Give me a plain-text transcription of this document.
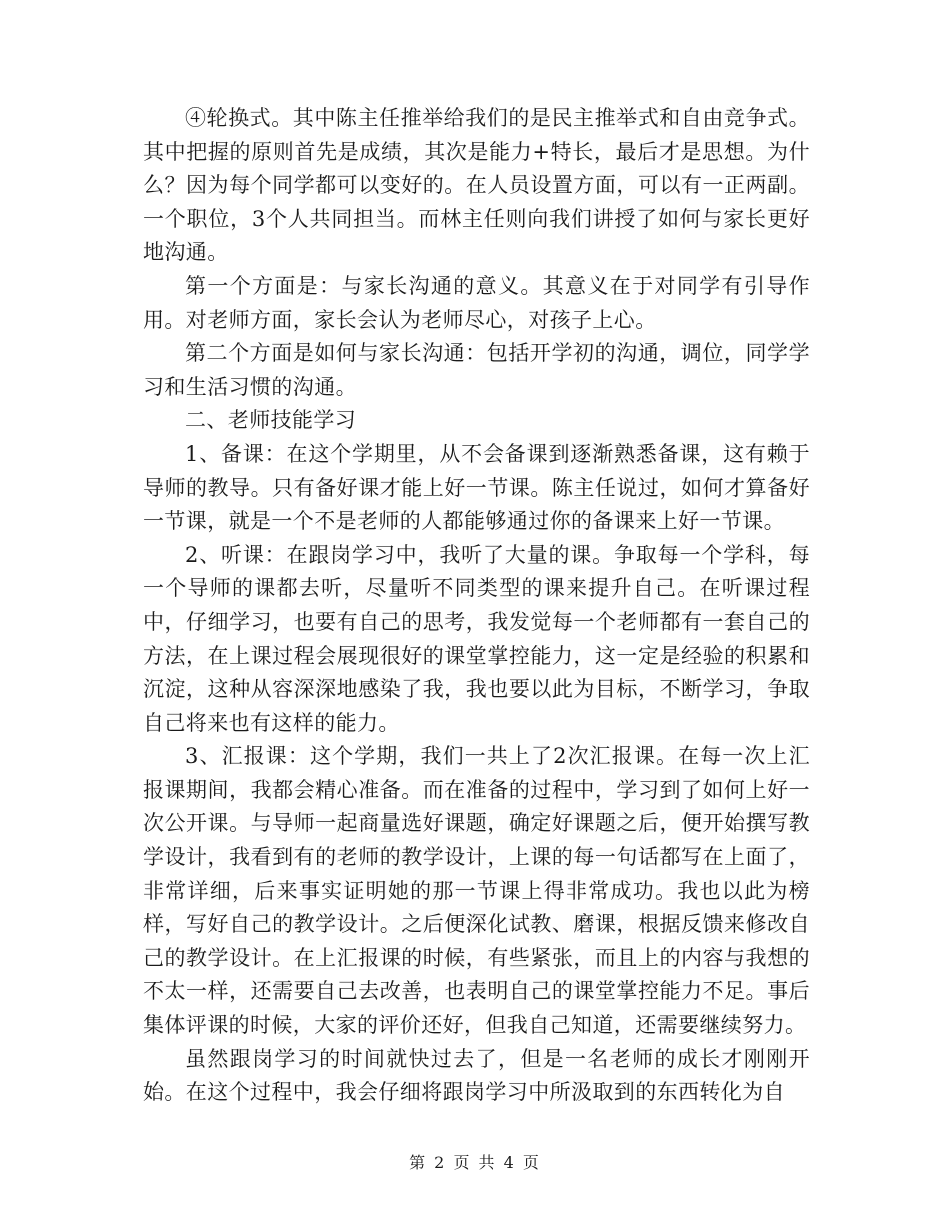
④轮换式。其中陈主任推举给我们的是民主推举式和自由竞争式。其中把握的原则首先是成绩，其次是能力+特长，最后才是思想。为什么？因为每个同学都可以变好的。在人员设置方面，可以有一正两副。一个职位，3个人共同担当。而林主任则向我们讲授了如何与家长更好地沟通。

第一个方面是：与家长沟通的意义。其意义在于对同学有引导作用。对老师方面，家长会认为老师尽心，对孩子上心。

第二个方面是如何与家长沟通：包括开学初的沟通，调位，同学学习和生活习惯的沟通。

二、老师技能学习

1、备课：在这个学期里，从不会备课到逐渐熟悉备课，这有赖于导师的教导。只有备好课才能上好一节课。陈主任说过，如何才算备好一节课，就是一个不是老师的人都能够通过你的备课来上好一节课。

2、听课：在跟岗学习中，我听了大量的课。争取每一个学科，每一个导师的课都去听，尽量听不同类型的课来提升自己。在听课过程中，仔细学习，也要有自己的思考，我发觉每一个老师都有一套自己的方法，在上课过程会展现很好的课堂掌控能力，这一定是经验的积累和沉淀，这种从容深深地感染了我，我也要以此为目标，不断学习，争取自己将来也有这样的能力。

3、汇报课：这个学期，我们一共上了2次汇报课。在每一次上汇报课期间，我都会精心准备。而在准备的过程中，学习到了如何上好一次公开课。与导师一起商量选好课题，确定好课题之后，便开始撰写教学设计，我看到有的老师的教学设计，上课的每一句话都写在上面了，非常详细，后来事实证明她的那一节课上得非常成功。我也以此为榜样，写好自己的教学设计。之后便深化试教、磨课，根据反馈来修改自己的教学设计。在上汇报课的时候，有些紧张，而且上的内容与我想的不太一样，还需要自己去改善，也表明自己的课堂掌控能力不足。事后集体评课的时候，大家的评价还好，但我自己知道，还需要继续努力。

虽然跟岗学习的时间就快过去了，但是一名老师的成长才刚刚开始。在这个过程中，我会仔细将跟岗学习中所汲取到的东西转化为自

第 2 页 共 4 页
